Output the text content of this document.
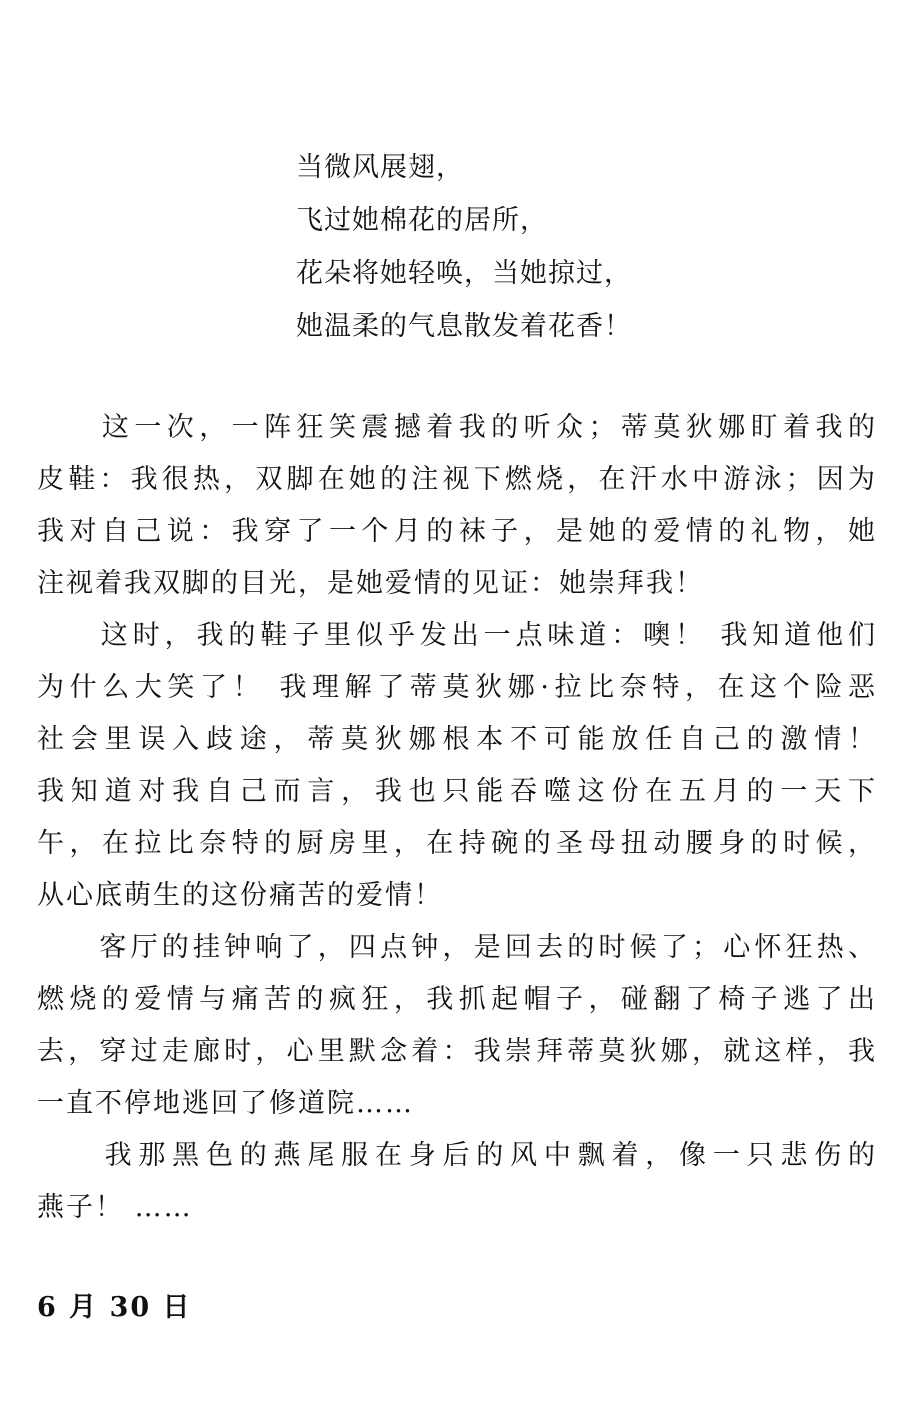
当微风展翅，
飞过她棉花的居所，
花朵将她轻唤，当她掠过，
她温柔的气息散发着花香！
　　这一次，一阵狂笑震撼着我的听众；蒂莫狄娜盯着我的
皮鞋：我很热，双脚在她的注视下燃烧，在汗水中游泳；因为
我对自己说：我穿了一个月的袜子，是她的爱情的礼物，她
注视着我双脚的目光，是她爱情的见证：她崇拜我！
　　这时，我的鞋子里似乎发出一点味道：噢！ 我知道他们
为什么大笑了！ 我理解了蒂莫狄娜·拉比奈特，在这个险恶
社会里误入歧途，蒂莫狄娜根本不可能放任自己的激情！
我知道对我自己而言，我也只能吞噬这份在五月的一天下
午，在拉比奈特的厨房里，在持碗的圣母扭动腰身的时候，
从心底萌生的这份痛苦的爱情！
　　客厅的挂钟响了，四点钟，是回去的时候了；心怀狂热、
燃烧的爱情与痛苦的疯狂，我抓起帽子，碰翻了椅子逃了出
去，穿过走廊时，心里默念着：我崇拜蒂莫狄娜，就这样，我
一直不停地逃回了修道院……
　　我那黑色的燕尾服在身后的风中飘着，像一只悲伤的
燕子！ ……
6 月 30 日
